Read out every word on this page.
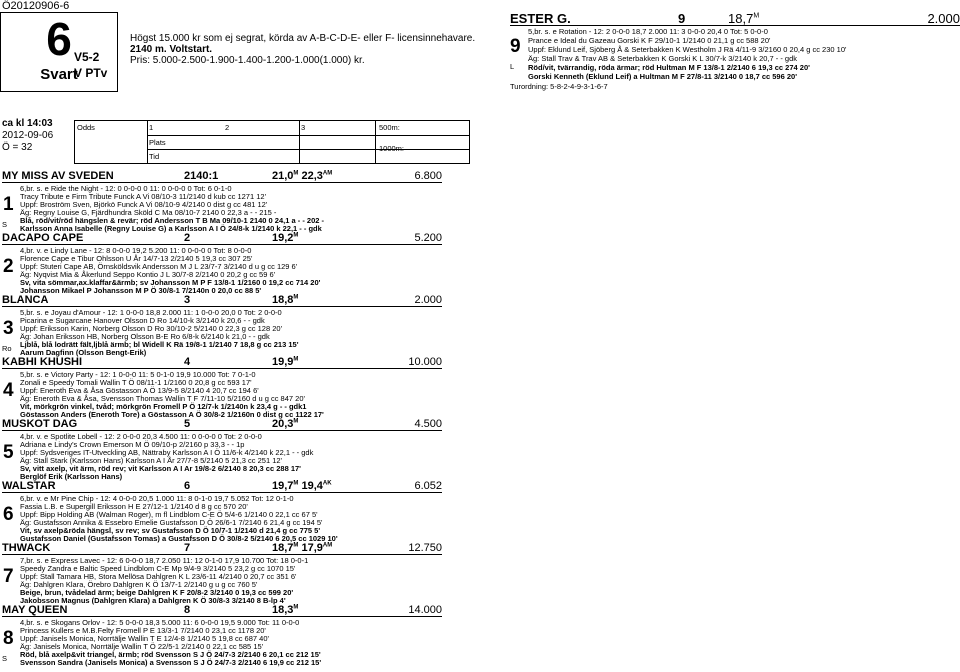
Ö20120906-6
6
Svart
V5-2
V PTv
Högst 15.000 kr som ej segrat, körda av A-B-C-D-E- eller F- licensinnehavare.
2140 m. Voltstart.
Pris: 5.000-2.500-1.900-1.400-1.200-1.000(1.000) kr.
ESTER G.	9	$18,7^M$	2.000
9
L
5,br. s. e Rotation - 12: 2 0-0-0 18,7 2.000 11: 3 0-0-0 20,4 0 Tot: 5 0-0-0
Prance e Ideal du Gazeau Gorski K F 29/10-1 1/2140 0 21,1 g cc 588 20'
Uppf: Eklund Leif, Sjöberg Å & Seterbakken K Westholm J Rä 4/11-9 3/2160 0 20,4 g cc 230 10'
Äg: Stall Trav & Trav AB & Seterbakken K Gorski K L 30/7-k 3/2140 k 20,7 - - gdk
Röd/vit, tvärrandig, röda ärmar; röd Hultman M F 13/8-1 2/2140 6 19,3 cc 274 20'
Gorski Kenneth (Eklund Leif) a Hultman M F 27/8-11 3/2140 0 18,7 cc 596 20'
Turordning: 5-8-2-4-9-3-1-6-7
ca kl 14:03
2012-09-06
Ö = 32
Odds	1	2	3	500m:
Plats
Tid
1000m:
MY MISS AV SVEDEN	2140:1	$21,0^M$ $22,3^{AM}$	6.800
1
S
6,br. s. e Ride the Night - 12: 0 0-0-0 0 11: 0 0-0-0 0 Tot: 6 0-1-0
Tracy Tribute e Firm Tribute Funck A Vi 08/10-3 11/2140 d kub cc 1271 12'
Uppf: Broström Sven, Björkö Funck A Vi 08/10-9 4/2140 0 dist g cc 481 12'
Äg: Regny Louise G, Fjärdhundra Sköld C Ma 08/10-7 2140 0 22,3 a - - 215 -
Blå, röd/vit/röd hängslen & revär; röd Andersson T B Ma 09/10-1 2140 0 24,1 a - - 202 -
Karlsson Anna Isabelle (Regny Louise G) a Karlsson A I Ö 24/8-k 1/2140 k 22,1 - - gdk
DACAPO CAPE	2	$19,2^M$	5.200
2
4,br. v. e Lindy Lane - 12: 8 0-0-0 19,2 5.200 11: 0 0-0-0 0 Tot: 8 0-0-0
Florence Cape e Tibur Ohlsson U År 14/7-13 2/2140 5 19,3 cc 307 25'
Uppf: Stuteri Cape AB, Örnsköldsvik Andersson M J L 23/7-7 3/2140 d u g cc 129 6'
Äg: Nyqvist Mia & Åkerlund Seppo Kontio J L 30/7-8 2/2140 0 20,2 g cc 59 6'
Sv, vita sömmar,ax.klaffar&ärmb; sv Johansson M P F 13/8-1 1/2160 0 19,2 cc 714 20'
Johansson Mikael P Johansson M P Ö 30/8-1 7/2140n 0 20,0 cc 88 5'
BLANCA	3	$18,8^M$	2.000
3
Ro
5,br. s. e Joyau d'Amour - 12: 1 0-0-0 18,8 2.000 11: 1 0-0-0 20,0 0 Tot: 2 0-0-0
Picarina e Sugarcane Hanover Olsson D Ro 14/10-k 3/2140 k 20,6 - - gdk
Uppf: Eriksson Karin, Norberg Olsson D Ro 30/10-2 5/2140 0 22,3 g cc 128 20'
Äg: Johan Eriksson HB, Norberg Olsson B-E Ro 6/8-k 6/2140 k 21,0 - - gdk
Ljblå, blå lodrätt fält,ljblå ärmb; bl Widell K Rä 19/8-1 1/2140 7 18,8 g cc 213 15'
Aarum Dagfinn (Olsson Bengt-Erik)
KABHI KHUSHI	4	$19,9^M$	10.000
4
5,br. s. e Victory Party - 12: 1 0-0-0 11: 5 0-1-0 19,9 10.000 Tot: 7 0-1-0
Zonali e Speedy Tomali Wallin T Ö 08/11-1 1/2160 0 20,8 g cc 593 17'
Uppf: Eneroth Eva & Åsa Göstasson A Ö 13/9-5 8/2140 4 20,7 cc 194 6'
Äg: Eneroth Eva & Åsa, Svensson Thomas Wallin T F 7/11-10 5/2160 d u g cc 847 20'
Vit, mörkgrön vinkel, tvåd; mörkgrön Fromell P Ö 12/7-k 1/2140n k 23,4 g - - gdk1
Göstasson Anders (Eneroth Tore) a Göstasson A Ö 30/8-2 1/2160n 0 dist g cc 1122 17'
MUSKOT DAG	5	$20,3^M$	4.500
5
4,br. v. e Spotlite Lobell - 12: 2 0-0-0 20,3 4.500 11: 0 0-0-0 0 Tot: 2 0-0-0
Adriana e Lindy's Crown Emerson M Ö 09/10-p 2/2160 p 33,3 - - 1p
Uppf: Sydsveriges IT-Utveckling AB, Nättraby Karlsson A I Ö 11/6-k 4/2140 k 22,1 - - gdk
Äg: Stall Stark (Karlsson Hans) Karlsson A I År 27/7-8 5/2140 5 21,3 cc 251 12'
Sv, vitt axelp, vit ärm, röd rev; vit Karlsson A I Ar 19/8-2 6/2140 8 20,3 cc 288 17'
Berglöf Erik (Karlsson Hans)
WALSTAR	6	$19,7^M$ $19,4^{AK}$	6.052
6
6,br. v. e Mr Pine Chip - 12: 4 0-0-0 20,5 1.000 11: 8 0-1-0 19,7 5.052 Tot: 12 0-1-0
Fassia L.B. e Supergill Eriksson H E 27/12-1 1/2140 d 8 g cc 570 20'
Uppf: Bipp Holding AB (Walman Roger), m fl Lindblom C-E Ö 5/4-6 1/2140 0 22,1 cc 67 5'
Äg: Gustafsson Annika & Essebro Emelie Gustafsson D Ö 26/6-1 7/2140 6 21,4 g cc 194 5'
Vit, sv axelp&röda hängsl, sv rev; sv Gustafsson D Ö 10/7-1 1/2140 d 21,4 g cc 775 5'
Gustafsson Daniel (Gustafsson Tomas) a Gustafsson D Ö 30/8-2 5/2140 6 20,5 cc 1029 10'
THWACK	7	$18,7^M$ $17,9^{AM}$	12.750
7
7,br. s. e Express Lavec - 12: 6 0-0-0 18,7 2.050 11: 12 0-1-0 17,9 10.700 Tot: 18 0-0-1
Speedy Zandra e Baltic Speed Lindblom C-E Mp 9/4-9 3/2140 5 23,2 g cc 1070 15'
Uppf: Stall Tamara HB, Stora Mellösa Dahlgren K L 23/6-11 4/2140 0 20,7 cc 351 6'
Äg: Dahlgren Klara, Örebro Dahlgren K Ö 13/7-1 2/2140 g u g cc 760 5'
Beige, brun, tvådelad ärm; beige Dahlgren K F 20/8-2 3/2140 0 19,3 cc 599 20'
Jakobsson Magnus (Dahlgren Klara) a Dahlgren K Ö 30/8-3 3/2140 8 B-lp 4'
MAY QUEEN	8	$18,3^M$	14.000
8
S
4,br. s. e Skogans Orlov - 12: 5 0-0-0 18,3 5.000 11: 6 0-0-0 19,5 9.000 Tot: 11 0-0-0
Princess Kullers e M.B.Felty Fromell P E 13/3-1 7/2140 0 23,1 cc 1178 20'
Uppf: Janisels Monica, Norrtälje Wallin T E 12/4-8 1/2140 5 19,8 cc 687 40'
Äg: Janisels Monica, Norrtälje Wallin T Ö 22/5-1 2/2140 0 22,1 cc 585 15'
Röd, blå axelp&vit triangel, ärmb; röd Svensson S J Ö 24/7-3 2/2140 6 20,1 cc 212 15'
Svensson Sandra (Janisels Monica) a Svensson S J Ö 24/7-3 2/2140 6 19,9 cc 212 15'
